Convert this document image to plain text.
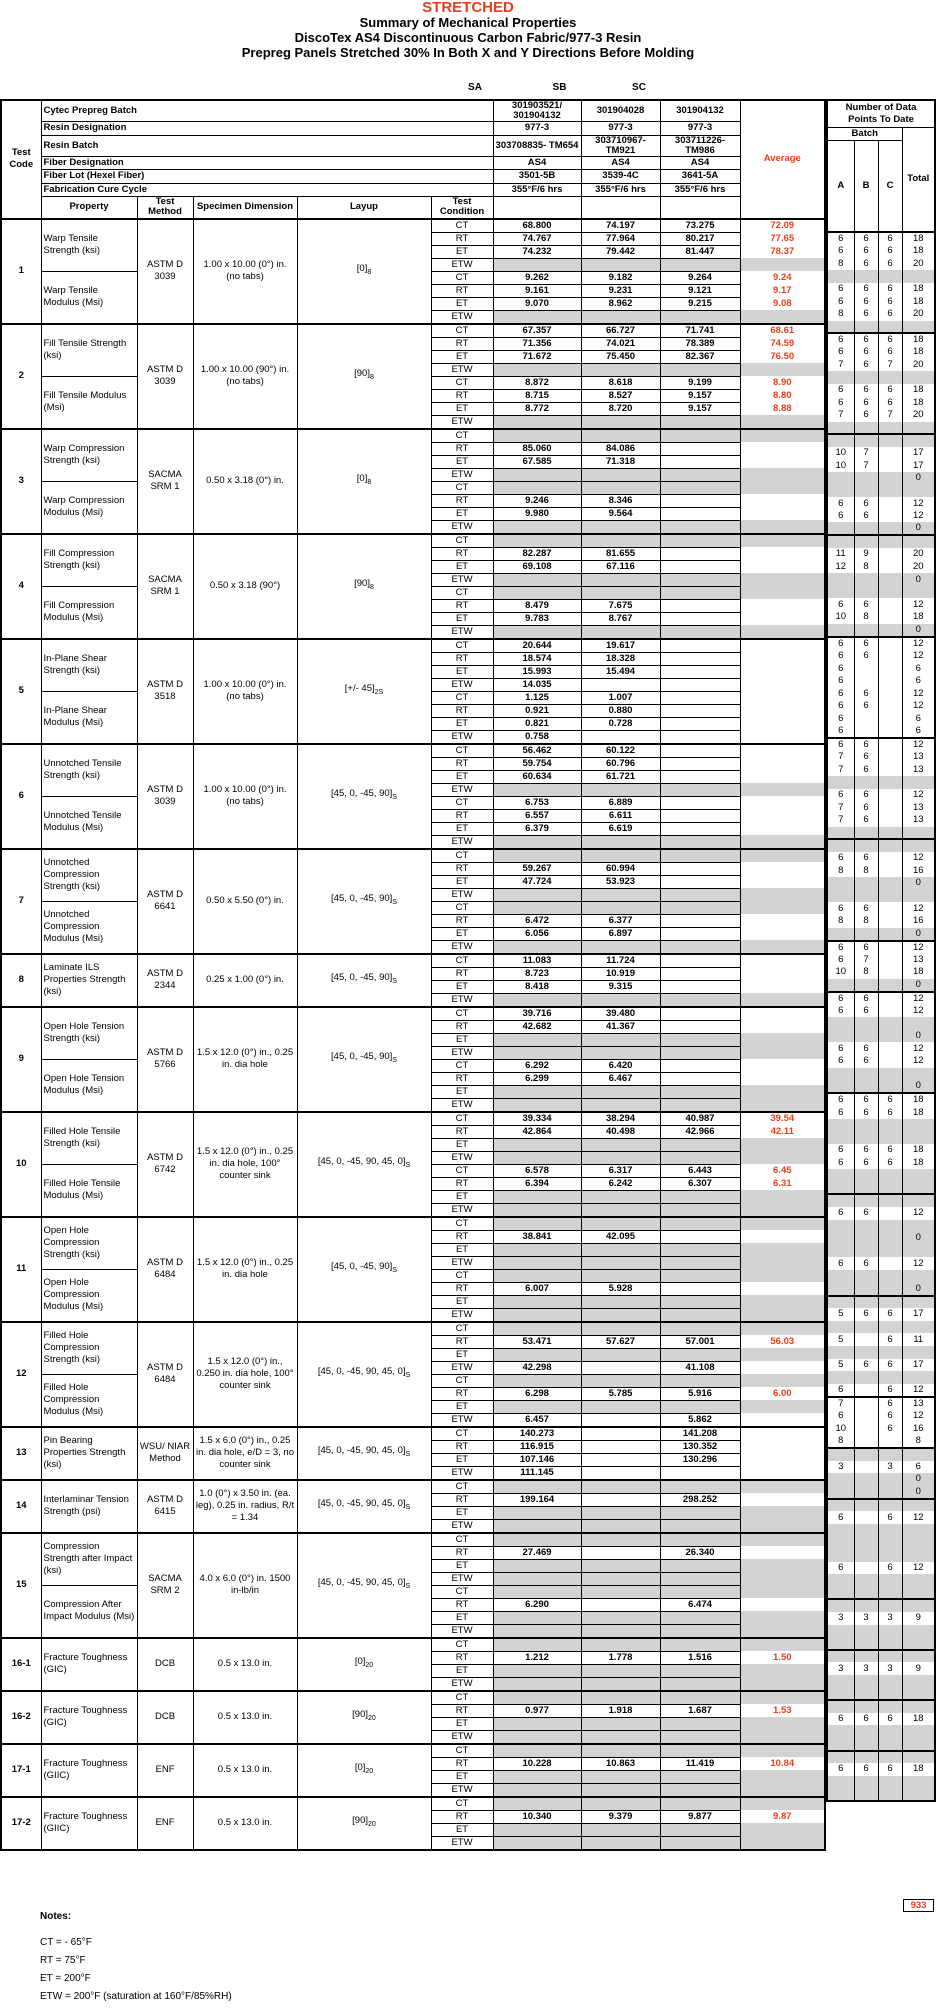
STRETCHED
Summary of Mechanical Properties
DiscoTex AS4 Discontinuous Carbon Fabric/977-3 Resin
Prepreg Panels Stretched 30% In Both X and Y Directions Before Molding
SA	SB	SC
Test Code	Cytec Prepreg Batch					301903521/ 301904132	301904028	301904132	Average
	Resin Designation					977-3	977-3	977-3	
	Resin Batch					303708835- TM654	303710967- TM921	303711226- TM986	
	Fiber Designation					AS4	AS4	AS4	
	Fiber Lot (Hexel Fiber)					3501-5B	3539-4C	3641-5A	
	Fabrication Cure Cycle					355°F/6 hrs	355°F/6 hrs	355°F/6 hrs	
	Property	Test Method	Specimen Dimension	Layup	Test Condition				
1	Warp Tensile Strength (ksi)	ASTM D 3039	1.00 x 10.00 (0°) in. (no tabs)	$[0]_8$	CT	68.800	74.197	73.275	72.09
					RT	74.767	77.964	80.217	77.65
					ET	74.232	79.442	81.447	78.37
					ETW				
	Warp Tensile Modulus (Msi)				CT	9.262	9.182	9.264	9.24
					RT	9.161	9.231	9.121	9.17
					ET	9.070	8.962	9.215	9.08
					ETW				
2	Fill Tensile Strength (ksi)	ASTM D 3039	1.00 x 10.00 (90°) in. (no tabs)	$[90]_8$	CT	67.357	66.727	71.741	68.61
					RT	71.356	74.021	78.389	74.59
					ET	71.672	75.450	82.367	76.50
					ETW				
	Fill Tensile Modulus (Msi)				CT	8.872	8.618	9.199	8.90
					RT	8.715	8.527	9.157	8.80
					ET	8.772	8.720	9.157	8.88
					ETW				
3	Warp Compression Strength (ksi)	SACMA SRM 1	0.50 x 3.18 (0°) in.	$[0]_8$	CT				
					RT	85.060	84.086		
					ET	67.585	71.318		
					ETW				
	Warp Compression Modulus (Msi)				CT				
					RT	9.246	8.346		
					ET	9.980	9.564		
					ETW				
4	Fill Compression Strength (ksi)	SACMA SRM 1	0.50 x 3.18 (90°)	$[90]_8$	CT				
					RT	82.287	81.655		
					ET	69.108	67.116		
					ETW				
	Fill Compression Modulus (Msi)				CT				
					RT	8.479	7.675		
					ET	9.783	8.767		
					ETW				
5	In-Plane Shear Strength (ksi)	ASTM D 3518	1.00 x 10.00 (0°) in. (no tabs)	[+/- $45]_{2S}$	CT	20.644	19.617		
					RT	18.574	18.328		
					ET	15.993	15.494		
					ETW	14.035			
	In-Plane Shear Modulus (Msi)				CT	1.125	1.007		
					RT	0.921	0.880		
					ET	0.821	0.728		
					ETW	0.758			
6	Unnotched Tensile Strength (ksi)	ASTM D 3039	1.00 x 10.00 (0°) in. (no tabs)	[45, 0, -45, $90]_S$	CT	56.462	60.122		
					RT	59.754	60.796		
					ET	60.634	61.721		
					ETW				
	Unnotched Tensile Modulus (Msi)				CT	6.753	6.889		
					RT	6.557	6.611		
					ET	6.379	6.619		
					ETW				
7	Unnotched Compression Strength (ksi)	ASTM D 6641	0.50 x 5.50 (0°) in.	[45, 0, -45, $90]_S$	CT				
					RT	59.267	60.994		
					ET	47.724	53.923		
					ETW				
	Unnotched Compression Modulus (Msi)				CT				
					RT	6.472	6.377		
					ET	6.056	6.897		
					ETW				
8	Laminate ILS Properties Strength (ksi)	ASTM D 2344	0.25 x 1.00 (0°) in.	[45, 0, -45, $90]_S$	CT	11.083	11.724		
					RT	8.723	10.919		
					ET	8.418	9.315		
					ETW				
9	Open Hole Tension Strength (ksi)	ASTM D 5766	1.5 x 12.0 (0°) in., 0.25 in. dia hole	[45, 0, -45, $90]_S$	CT	39.716	39.480		
					RT	42.682	41.367		
					ET				
					ETW				
	Open Hole Tension Modulus (Msi)				CT	6.292	6.420		
					RT	6.299	6.467		
					ET				
					ETW				
10	Filled Hole Tensile Strength (ksi)	ASTM D 6742	1.5 x 12.0 (0°) in., 0.25 in. dia hole, 100° counter sink	[45, 0, -45, 90, 45, $0]_S$	CT	39.334	38.294	40.987	39.54
					RT	42.864	40.498	42.966	42.11
					ET				
					ETW				
	Filled Hole Tensile Modulus (Msi)				CT	6.578	6.317	6.443	6.45
					RT	6.394	6.242	6.307	6.31
					ET				
					ETW				
11	Open Hole Compression Strength (ksi)	ASTM D 6484	1.5 x 12.0 (0°) in., 0.25 in. dia hole	[45, 0, -45, $90]_S$	CT				
					RT	38.841	42.095		
					ET				
					ETW				
	Open Hole Compression Modulus (Msi)				CT				
					RT	6.007	5.928		
					ET				
					ETW				
12	Filled Hole Compression Strength (ksi)	ASTM D 6484	1.5 x 12.0 (0°) in., 0.250 in. dia hole, 100° counter sink	[45, 0, -45, 90, 45, $0]_S$	CT				
					RT	53.471	57.627	57.001	56.03
					ET				
					ETW	42.298		41.108	
	Filled Hole Compression Modulus (Msi)				CT				
					RT	6.298	5.785	5.916	6.00
					ET				
					ETW	6.457		5.862	
13	Pin Bearing Properties Strength (ksi)	WSU/ NIAR Method	1.5 x 6.0 (0°) in., 0.25 in. dia hole, e/D = 3, no counter sink	[45, 0, -45, 90, 45, $0]_S$	CT	140.273		141.208	
					RT	116.915		130.352	
					ET	107.146		130.296	
					ETW	111.145			
14	Interlaminar Tension Strength (psi)	ASTM D 6415	1.0 (0°) x 3.50 in. (ea. leg), 0.25 in. radius, R/t = 1.34	[45, 0, -45, 90, 45, $0]_S$	CT				
					RT	199.164		298.252	
					ET				
					ETW				
15	Compression Strength after Impact (ksi)	SACMA SRM 2	4.0 x 6.0 (0°) in. 1500 in-lb/in	[45, 0, -45, 90, 45, $0]_S$	CT				
					RT	27.469		26.340	
					ET				
					ETW				
	Compression After Impact Modulus (Msi)				CT				
					RT	6.290		6.474	
					ET				
					ETW				
16-1	Fracture Toughness (GIC)	DCB	0.5 x 13.0 in.	$[0]_{20}$	CT				
					RT	1.212	1.778	1.516	1.50
					ET				
					ETW				
16-2	Fracture Toughness (GIC)	DCB	0.5 x 13.0 in.	$[90]_{20}$	CT				
					RT	0.977	1.918	1.687	1.53
					ET				
					ETW				
17-1	Fracture Toughness (GIIC)	ENF	0.5 x 13.0 in.	$[0]_{20}$	CT				
					RT	10.228	10.863	11.419	10.84
					ET				
					ETW				
17-2	Fracture Toughness (GIIC)	ENF	0.5 x 13.0 in.	$[90]_{20}$	CT				
					RT	10.340	9.379	9.877	9.87
					ET				
					ETW				
Number of Data Points To Date			
Batch			Total
A	B	C	
6	6	6	18
6	6	6	18
8	6	6	20

6	6	6	18
6	6	6	18
8	6	6	20

6	6	6	18
6	6	6	18
7	6	7	20

6	6	6	18
6	6	6	18
7	6	7	20

10	7		17
10	7		17
			0

6	6		12
6	6		12
			0

11	9		20
12	8		20
			0

6	6		12
10	8		18
			0
6	6		12
6	6		12
6			6
6			6
6	6		12
6	6		12
6			6
6			6
6	6		12
7	6		13
7	6		13

6	6		12
7	6		13
7	6		13

6	6		12
8	8		16
			0

6	6		12
8	8		16
			0
6	6		12
6	7		13
10	8		18
			0
6	6		12
6	6		12

			0
6	6		12
6	6		12

			0
6	6	6	18
6	6	6	18

6	6	6	18
6	6	6	18

6	6		12

			0

6	6		12

			0

5	6	6	17

5		6	11

5	6	6	17

6		6	12
7		6	13
6		6	12
10		6	16
8			8

3		3	6
			0
			0

6		6	12

6		6	12

3	3	3	9

3	3	3	9

6	6	6	18

6	6	6	18

933
Notes:
CT = - 65°F
RT = 75°F
ET = 200°F
ETW = 200°F (saturation at 160°F/85%RH)
